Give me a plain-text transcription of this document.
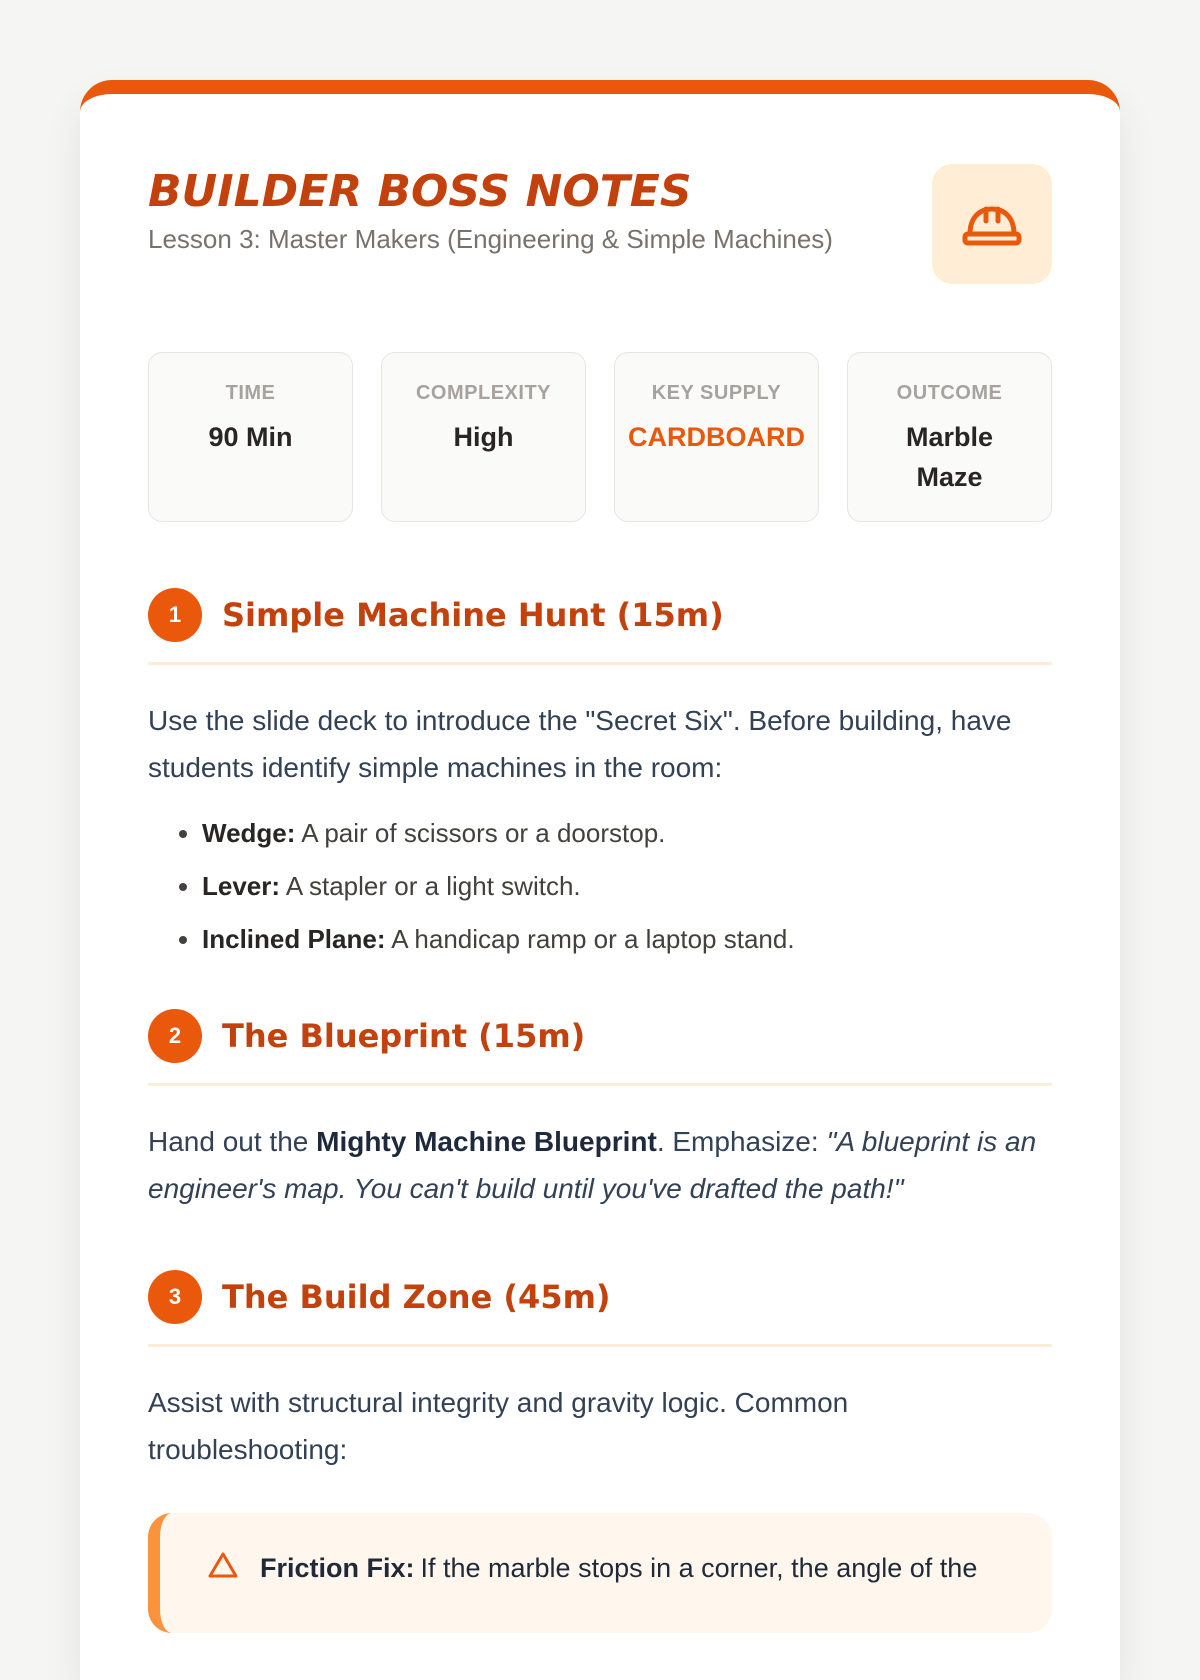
BUILDER BOSS NOTES
Lesson 3: Master Makers (Engineering & Simple Machines)
TIME
90 Min
COMPLEXITY
High
KEY SUPPLY
CARDBOARD
OUTCOME
Marble Maze
1	Simple Machine Hunt (15m)

Use the slide deck to introduce the "Secret Six". Before building, have students identify simple machines in the room:

• Wedge: A pair of scissors or a doorstop.
• Lever: A stapler or a light switch.
• Inclined Plane: A handicap ramp or a laptop stand.
2	The Blueprint (15m)

Hand out the Mighty Machine Blueprint. Emphasize: "A blueprint is an engineer's map. You can't build until you've drafted the path!"

3	The Build Zone (45m)

Assist with structural integrity and gravity logic. Common troubleshooting:

Friction Fix: If the marble stops in a corner, the angle of the
